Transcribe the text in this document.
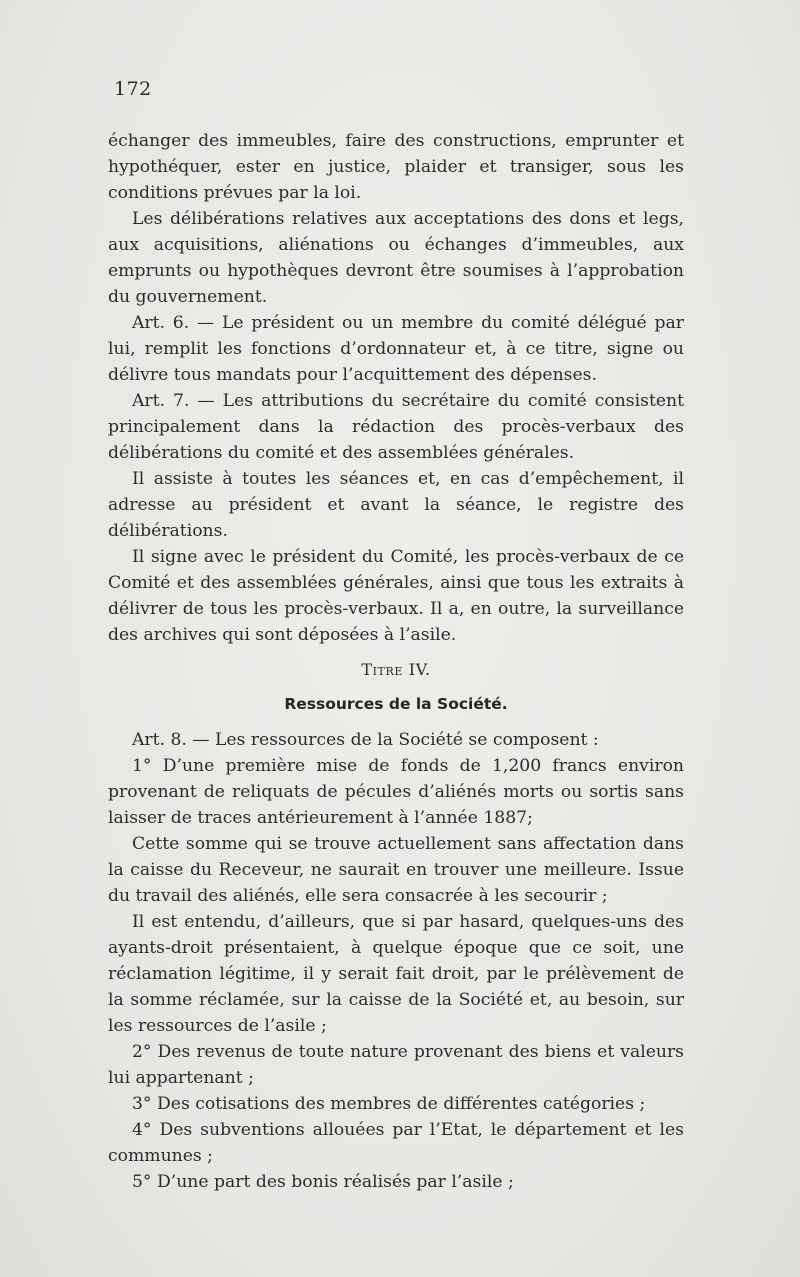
172

échanger des immeubles, faire des constructions, emprunter et hypothéquer, ester en justice, plaider et transiger, sous les conditions prévues par la loi.

Les délibérations relatives aux acceptations des dons et legs, aux acquisitions, aliénations ou échanges d’immeubles, aux emprunts ou hypothèques devront être soumises à l’approbation du gouvernement.

Art. 6. — Le président ou un membre du comité délégué par lui, remplit les fonctions d’ordonnateur et, à ce titre, signe ou délivre tous mandats pour l’acquittement des dépenses.

Art. 7. — Les attributions du secrétaire du comité consistent principalement dans la rédaction des procès-verbaux des délibérations du comité et des assemblées générales.

Il assiste à toutes les séances et, en cas d’empêchement, il adresse au président et avant la séance, le registre des délibérations.

Il signe avec le président du Comité, les procès-verbaux de ce Comité et des assemblées générales, ainsi que tous les extraits à délivrer de tous les procès-verbaux. Il a, en outre, la surveillance des archives qui sont déposées à l’asile.

Titre IV.
Ressources de la Société.

Art. 8. — Les ressources de la Société se composent :

1° D’une première mise de fonds de 1,200 francs environ provenant de reliquats de pécules d’aliénés morts ou sortis sans laisser de traces antérieurement à l’année 1887;

Cette somme qui se trouve actuellement sans affectation dans la caisse du Receveur, ne saurait en trouver une meilleure. Issue du travail des aliénés, elle sera consacrée à les secourir ;

Il est entendu, d’ailleurs, que si par hasard, quelques-uns des ayants-droit présentaient, à quelque époque que ce soit, une réclamation légitime, il y serait fait droit, par le prélèvement de la somme réclamée, sur la caisse de la Société et, au besoin, sur les ressources de l’asile ;

2° Des revenus de toute nature provenant des biens et valeurs lui appartenant ;

3° Des cotisations des membres de différentes catégories ;

4° Des subventions allouées par l’Etat, le département et les communes ;

5° D’une part des bonis réalisés par l’asile ;
